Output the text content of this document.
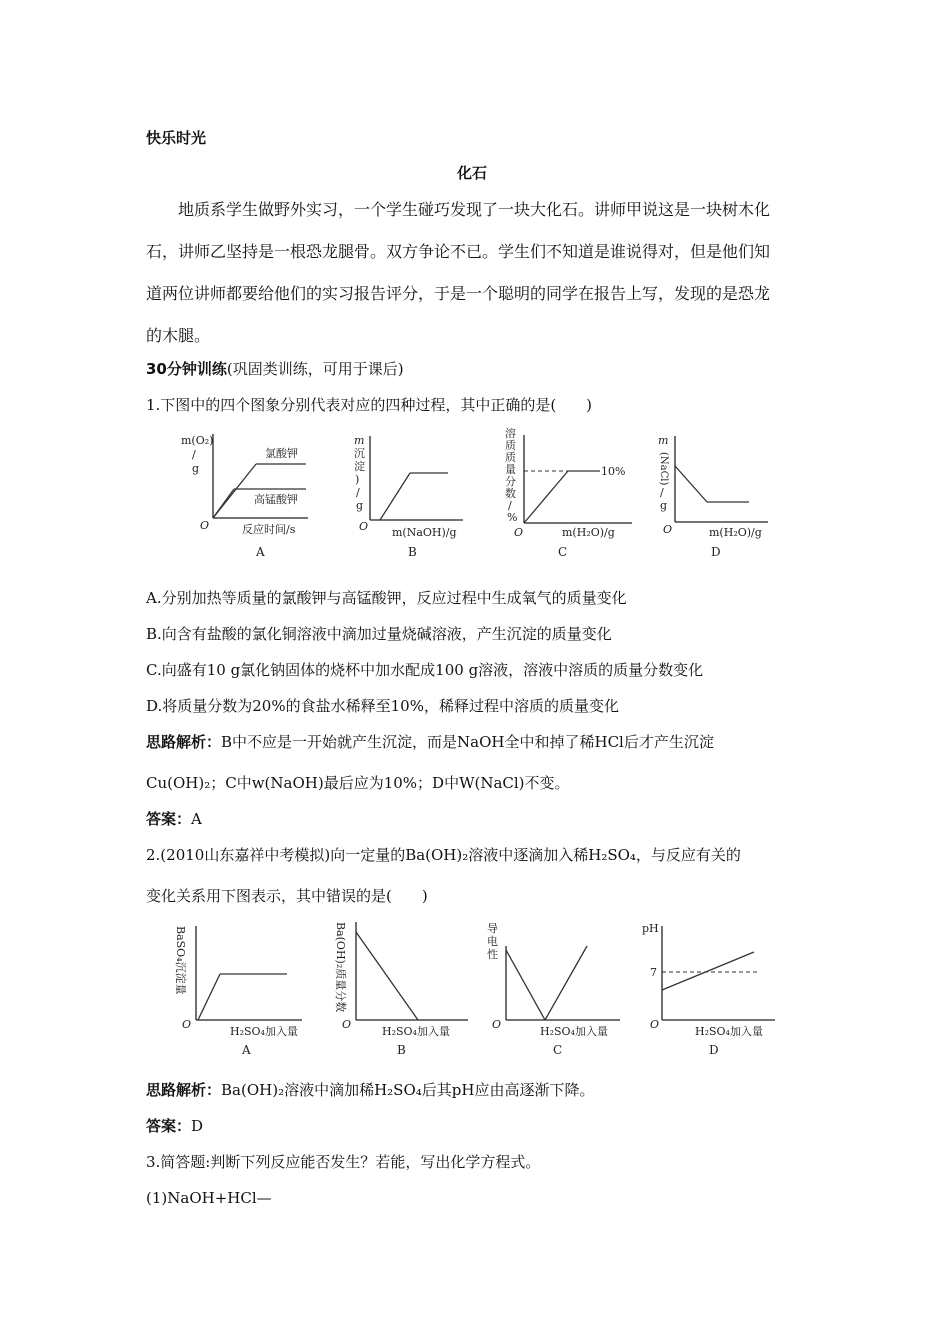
快乐时光
化石
地质系学生做野外实习，一个学生碰巧发现了一块大化石。讲师甲说这是一块树木化
石，讲师乙坚持是一根恐龙腿骨。双方争论不已。学生们不知道是谁说得对，但是他们知
道两位讲师都要给他们的实习报告评分，于是一个聪明的同学在报告上写，发现的是恐龙
的木腿。
30分钟训练(巩固类训练，可用于课后)
1.下图中的四个图象分别代表对应的四种过程，其中正确的是(　　)
m(O₂)
/
g
氯酸钾
高锰酸钾
O	反应时间/s
A
m
沉
淀
)
/
g
O m(NaOH)/g
B
溶
质
质
量
分
数
/
%
10%
O	m(H₂O)/g
C
m
(NaCl)
/
g
O	m(H₂O)/g
D
A.分别加热等质量的氯酸钾与高锰酸钾，反应过程中生成氧气的质量变化
B.向含有盐酸的氯化铜溶液中滴加过量烧碱溶液，产生沉淀的质量变化
C.向盛有10 g氯化钠固体的烧杯中加水配成100 g溶液，溶液中溶质的质量分数变化
D.将质量分数为20%的食盐水稀释至10%，稀释过程中溶质的质量变化
思路解析：B中不应是一开始就产生沉淀，而是NaOH全中和掉了稀HCl后才产生沉淀
Cu(OH)₂；C中w(NaOH)最后应为10%；D中W(NaCl)不变。
答案：A
2.(2010山东嘉祥中考模拟)向一定量的Ba(OH)₂溶液中逐滴加入稀H₂SO₄，与反应有关的
变化关系用下图表示，其中错误的是(　　)
BaSO₄沉淀量
O
H₂SO₄加入量
A
Ba(OH)₂质量分数
O
H₂SO₄加入量
B
导
电
性
O
H₂SO₄加入量
C
pH
7
O
H₂SO₄加入量
D
思路解析：Ba(OH)₂溶液中滴加稀H₂SO₄后其pH应由高逐渐下降。
答案：D
3.简答题:判断下列反应能否发生？若能，写出化学方程式。
(1)NaOH+HCl—
